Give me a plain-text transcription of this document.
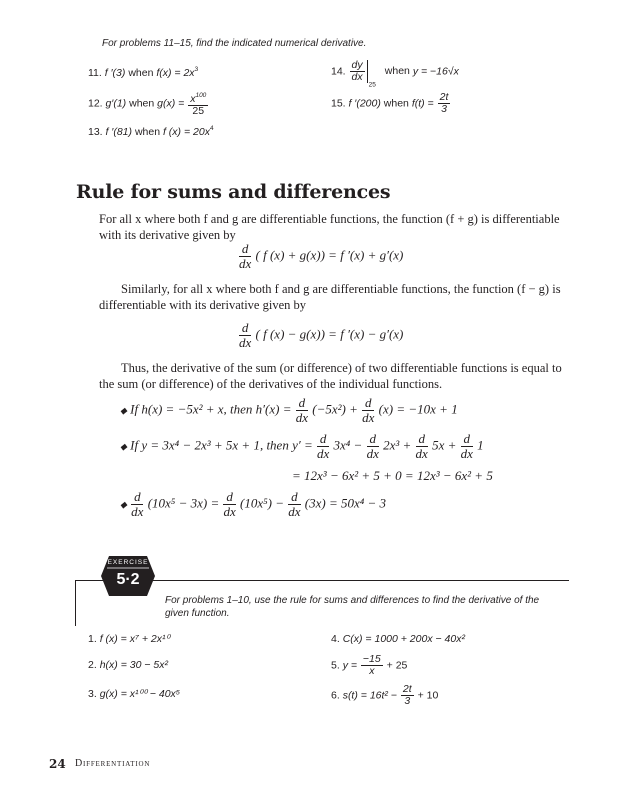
For problems 11–15, find the indicated numerical derivative.
11. f ′(3) when $f(x) = 2x^3$
12. g′(1) when $g(x) = \frac{x^{100}}{25}$
13. f ′(81) when f $(x) = 20x^4$
14. $\frac{dy}{dx}$
$_{25}$ when y = −16√x
15. f ′(200) when $f(t) = \frac{2t}{3}$
Rule for sums and differences
For all x where both f and g are differentiable functions, the function (f + g) is differentiable with its derivative given by
$\frac{d}{dx}$ ( f (x) + g(x)) = f ′(x) + g′(x)
Similarly, for all x where both f and g are differentiable functions, the function (f − g) is differentiable with its derivative given by
$\frac{d}{dx}$ ( f (x) − g(x)) = f ′(x) − g′(x)
Thus, the derivative of the sum (or difference) of two differentiable functions is equal to the sum (or difference) of the derivatives of the individual functions.
◆ If h(x) = −5x² + x, then $h'(x) = \frac{d}{dx} (-5x^2) + \frac{d}{dx} (x) = -10x + 1$
◆ If y = 3x⁴ − 2x³ + 5x + 1, then $y' = \frac{d}{dx} 3x^4 - \frac{d}{dx} 2x^3 + \frac{d}{dx} 5x + \frac{d}{dx} 1$
= 12x³ − 6x² + 5 + 0 = 12x³ − 6x² + 5
◆ $\frac{d}{dx} (10x^5 - 3x) = \frac{d}{dx} (10x^5) - \frac{d}{dx} (3x) = 50x^4 - 3$
EXERCISE
5·2
For problems 1–10, use the rule for sums and differences to find the derivative of the given function.
1. f (x) = x⁷ + 2x¹⁰
2. h(x) = 30 − 5x²
3. g(x) = x¹⁰⁰ − 40x⁵
4. C(x) = 1000 + 200x − 40x²
5. $y = \frac{-15}{x} + 25$
6. $s(t) = 16t^2 - \frac{2t}{3} + 10$
24 Differentiation
